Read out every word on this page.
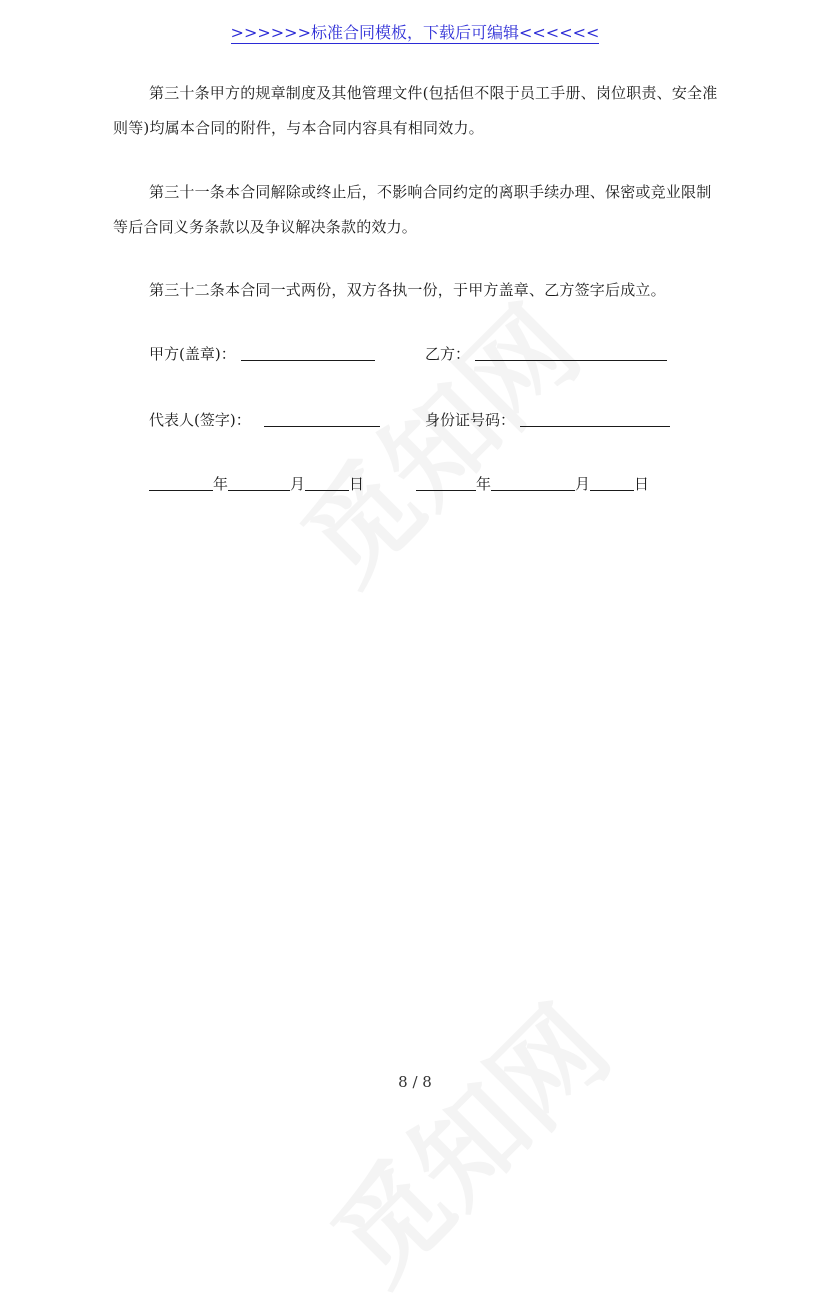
>>>>>>标准合同模板，下载后可编辑<<<<<<
第三十条甲方的规章制度及其他管理文件(包括但不限于员工手册、岗位职责、安全准则等)均属本合同的附件，与本合同内容具有相同效力。
第三十一条本合同解除或终止后，不影响合同约定的离职手续办理、保密或竞业限制等后合同义务条款以及争议解决条款的效力。
第三十二条本合同一式两份，双方各执一份，于甲方盖章、乙方签字后成立。
甲方(盖章)：	乙方：
代表人(签字)：	身份证号码：
年	月	日	年	月	日
8 / 8
